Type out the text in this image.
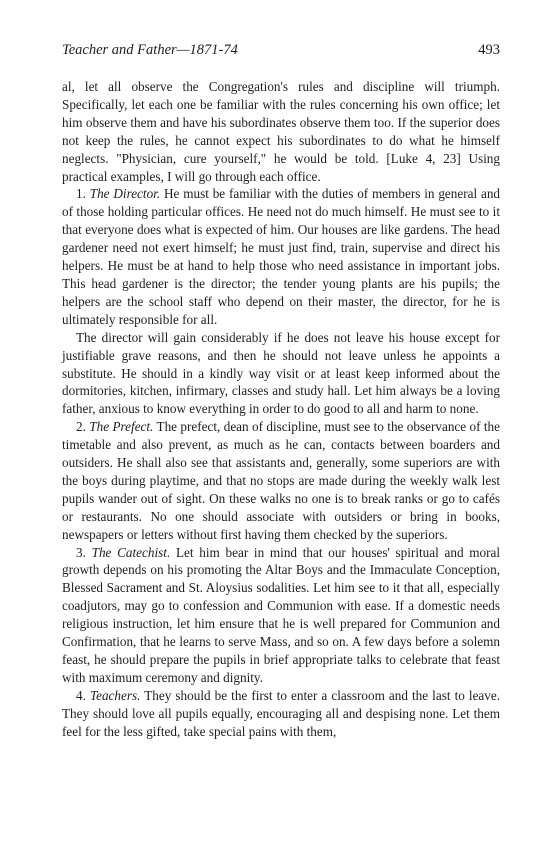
Teacher and Father—1871-74	493

al, let all observe the Congregation's rules and discipline will triumph. Specifically, let each one be familiar with the rules concerning his own office; let him observe them and have his subordinates observe them too. If the superior does not keep the rules, he cannot expect his subordinates to do what he himself neglects. "Physician, cure yourself," he would be told. [Luke 4, 23] Using practical examples, I will go through each office.

1. The Director. He must be familiar with the duties of members in general and of those holding particular offices. He need not do much himself. He must see to it that everyone does what is expected of him. Our houses are like gardens. The head gardener need not exert himself; he must just find, train, supervise and direct his helpers. He must be at hand to help those who need assistance in important jobs. This head gardener is the director; the tender young plants are his pupils; the helpers are the school staff who depend on their master, the director, for he is ultimately responsible for all.

The director will gain considerably if he does not leave his house except for justifiable grave reasons, and then he should not leave unless he appoints a substitute. He should in a kindly way visit or at least keep informed about the dormitories, kitchen, infirmary, classes and study hall. Let him always be a loving father, anxious to know everything in order to do good to all and harm to none.

2. The Prefect. The prefect, dean of discipline, must see to the observance of the timetable and also prevent, as much as he can, contacts between boarders and outsiders. He shall also see that assistants and, generally, some superiors are with the boys during playtime, and that no stops are made during the weekly walk lest pupils wander out of sight. On these walks no one is to break ranks or go to cafés or restaurants. No one should associate with outsiders or bring in books, newspapers or letters without first having them checked by the superiors.

3. The Catechist. Let him bear in mind that our houses' spiritual and moral growth depends on his promoting the Altar Boys and the Immaculate Conception, Blessed Sacrament and St. Aloysius sodalities. Let him see to it that all, especially coadjutors, may go to confession and Communion with ease. If a domestic needs religious instruction, let him ensure that he is well prepared for Communion and Confirmation, that he learns to serve Mass, and so on. A few days before a solemn feast, he should prepare the pupils in brief appropriate talks to celebrate that feast with maximum ceremony and dignity.

4. Teachers. They should be the first to enter a classroom and the last to leave. They should love all pupils equally, encouraging all and despising none. Let them feel for the less gifted, take special pains with them,
